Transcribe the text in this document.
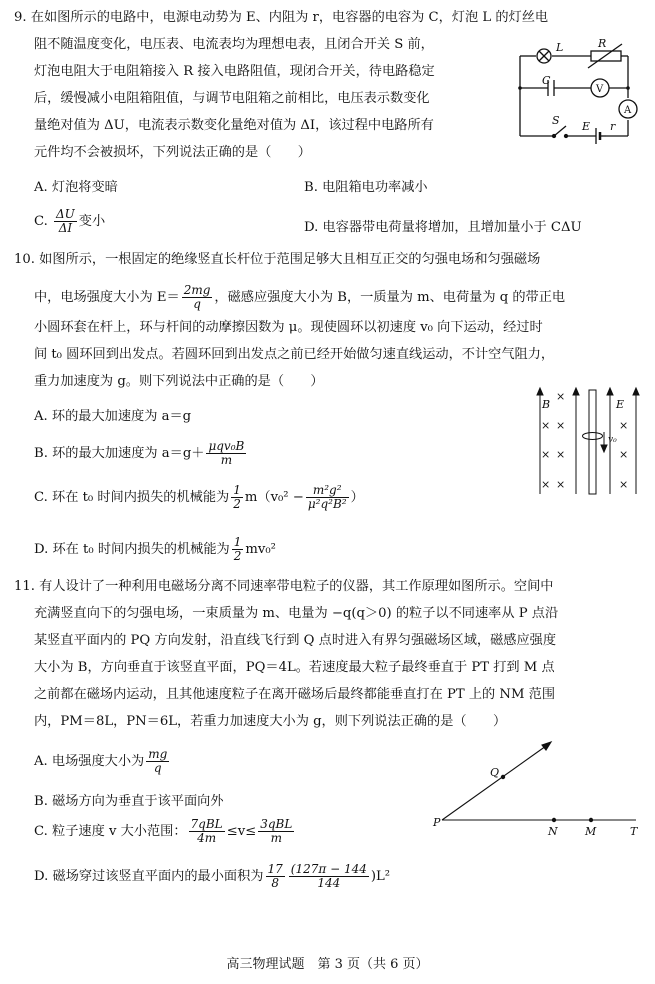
9. 在如图所示的电路中，电源电动势为 E、内阻为 r，电容器的电容为 C，灯泡 L 的灯丝电
阻不随温度变化，电压表、电流表均为理想电表，且闭合开关 S 前，
灯泡电阻大于电阻箱接入 R 接入电路阻值，现闭合开关，待电路稳定
后，缓慢减小电阻箱阻值，与调节电阻箱之前相比，电压表示数变化
量绝对值为 ΔU，电流表示数变化量绝对值为 ΔI，该过程中电路所有
元件均不会被损坏，下列说法正确的是（　　）
A. 灯泡将变暗	B. 电阻箱电功率减小
C. $\frac{\Delta U}{\Delta I}$ 变小	D. 电容器带电荷量将增加，且增加量小于 CΔU
L	R
C
V
A
S E r
10. 如图所示，一根固定的绝缘竖直长杆位于范围足够大且相互正交的匀强电场和匀强磁场
中，电场强度大小为 $E= \frac{2mg}{q}$ ，磁感应强度大小为 B，一质量为 m、电荷量为 q 的带正电
小圆环套在杆上，环与杆间的动摩擦因数为 μ。现使圆环以初速度 v₀ 向下运动，经过时
间 t₀ 圆环回到出发点。若圆环回到出发点之前已经开始做匀速直线运动，不计空气阻力，
重力加速度为 g。则下列说法中正确的是（　　）
A. 环的最大加速度为 a＝g
B. 环的最大加速度为 $a=g+ \frac{\text{μqv₀B}}{m}$
C. 环在 t₀ 时间内损失的机械能为 $\frac{1}{2} m(v_0^2 - \frac{\text{m²g²}}{\text{μ²q²B²}}$ ）
D. 环在 t₀ 时间内损失的机械能为 $\frac{1}{2} mv_0^2$
B	E
v₀
×
×
×
×
×
×
×
×
×
×
11. 有人设计了一种利用电磁场分离不同速率带电粒子的仪器，其工作原理如图所示。空间中
充满竖直向下的匀强电场，一束质量为 m、电量为 −q(q＞0) 的粒子以不同速率从 P 点沿
某竖直平面内的 PQ 方向发射，沿直线飞行到 Q 点时进入有界匀强磁场区域，磁感应强度
大小为 B，方向垂直于该竖直平面，PQ＝4L。若速度最大粒子最终垂直于 PT 打到 M 点
之前都在磁场内运动，且其他速度粒子在离开磁场后最终都能垂直打在 PT 上的 NM 范围
内，PM＝8L，PN＝6L，若重力加速度大小为 g，则下列说法正确的是（　　）
A. 电场强度大小为 $\frac{mg}{q}$
B. 磁场方向为垂直于该平面向外
C. 粒子速度 v 大小范围： $\frac{\text{7qBL}}{4m} \le v\le \frac{\text{3qBL}}{m}$
D. 磁场穿过该竖直平面内的最小面积为 $\frac{17}{8} \frac{(127\pi - 144}{144} )L^2$
P
Q
N M	T
高三物理试题　第 3 页（共 6 页）
